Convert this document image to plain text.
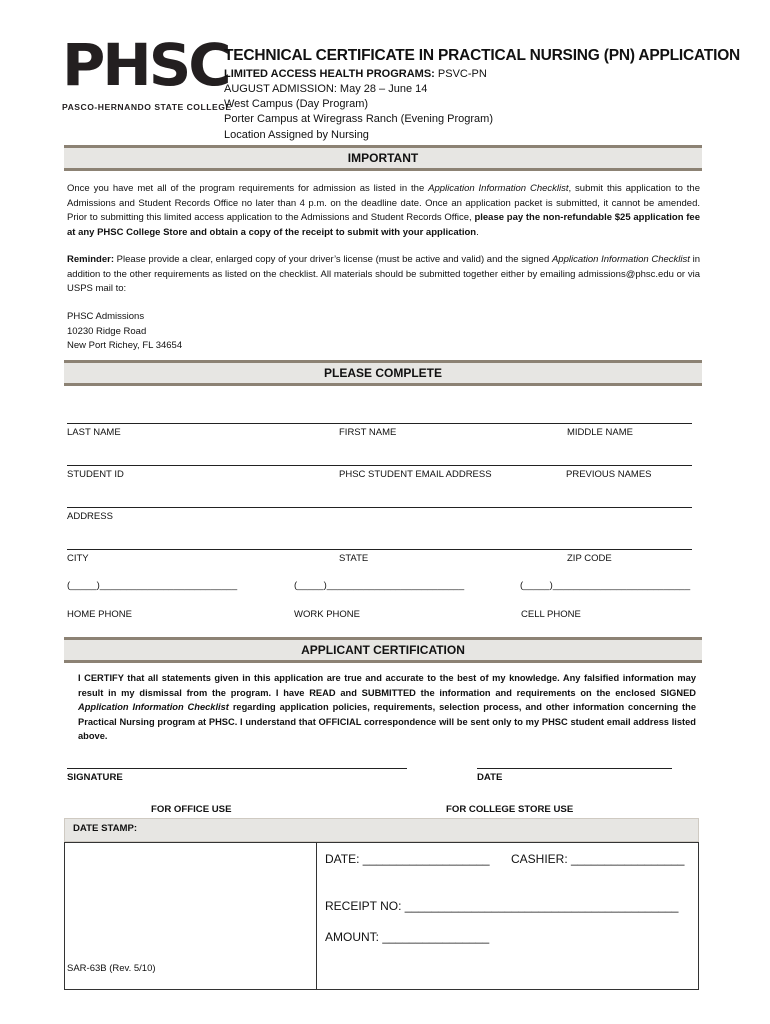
PHSC
PASCO-HERNANDO STATE COLLEGE
TECHNICAL CERTIFICATE IN PRACTICAL NURSING (PN) APPLICATION
LIMITED ACCESS HEALTH PROGRAMS: PSVC-PN
AUGUST ADMISSION: May 28 – June 14
West Campus (Day Program)
Porter Campus at Wiregrass Ranch (Evening Program)
Location Assigned by Nursing
IMPORTANT
Once you have met all of the program requirements for admission as listed in the Application Information Checklist, submit this application to the Admissions and Student Records Office no later than 4 p.m. on the deadline date. Once an application packet is submitted, it cannot be amended. Prior to submitting this limited access application to the Admissions and Student Records Office, please pay the non-refundable $25 application fee at any PHSC College Store and obtain a copy of the receipt to submit with your application.
Reminder: Please provide a clear, enlarged copy of your driver’s license (must be active and valid) and the signed Application Information Checklist in addition to the other requirements as listed on the checklist. All materials should be submitted together either by emailing admissions@phsc.edu or via USPS mail to:
PHSC Admissions
10230 Ridge Road
New Port Richey, FL 34654
PLEASE COMPLETE
LAST NAME	FIRST NAME	MIDDLE NAME
STUDENT ID	PHSC STUDENT EMAIL ADDRESS	PREVIOUS NAMES
ADDRESS
CITY	STATE	ZIP CODE
(_____)__________________________	(_____)__________________________	(_____)__________________________
HOME PHONE	WORK PHONE	CELL PHONE
APPLICANT CERTIFICATION
I CERTIFY that all statements given in this application are true and accurate to the best of my knowledge. Any falsified information may result in my dismissal from the program. I have READ and SUBMITTED the information and requirements on the enclosed SIGNED Application Information Checklist regarding application policies, requirements, selection process, and other information concerning the Practical Nursing program at PHSC. I understand that OFFICIAL correspondence will be sent only to my PHSC student email address listed above.
SIGNATURE	DATE
FOR OFFICE USE	FOR COLLEGE STORE USE
DATE STAMP:
DATE: ___________________ CASHIER: _________________
RECEIPT NO: _________________________________________
AMOUNT: ________________
SAR-63B (Rev. 5/10)
